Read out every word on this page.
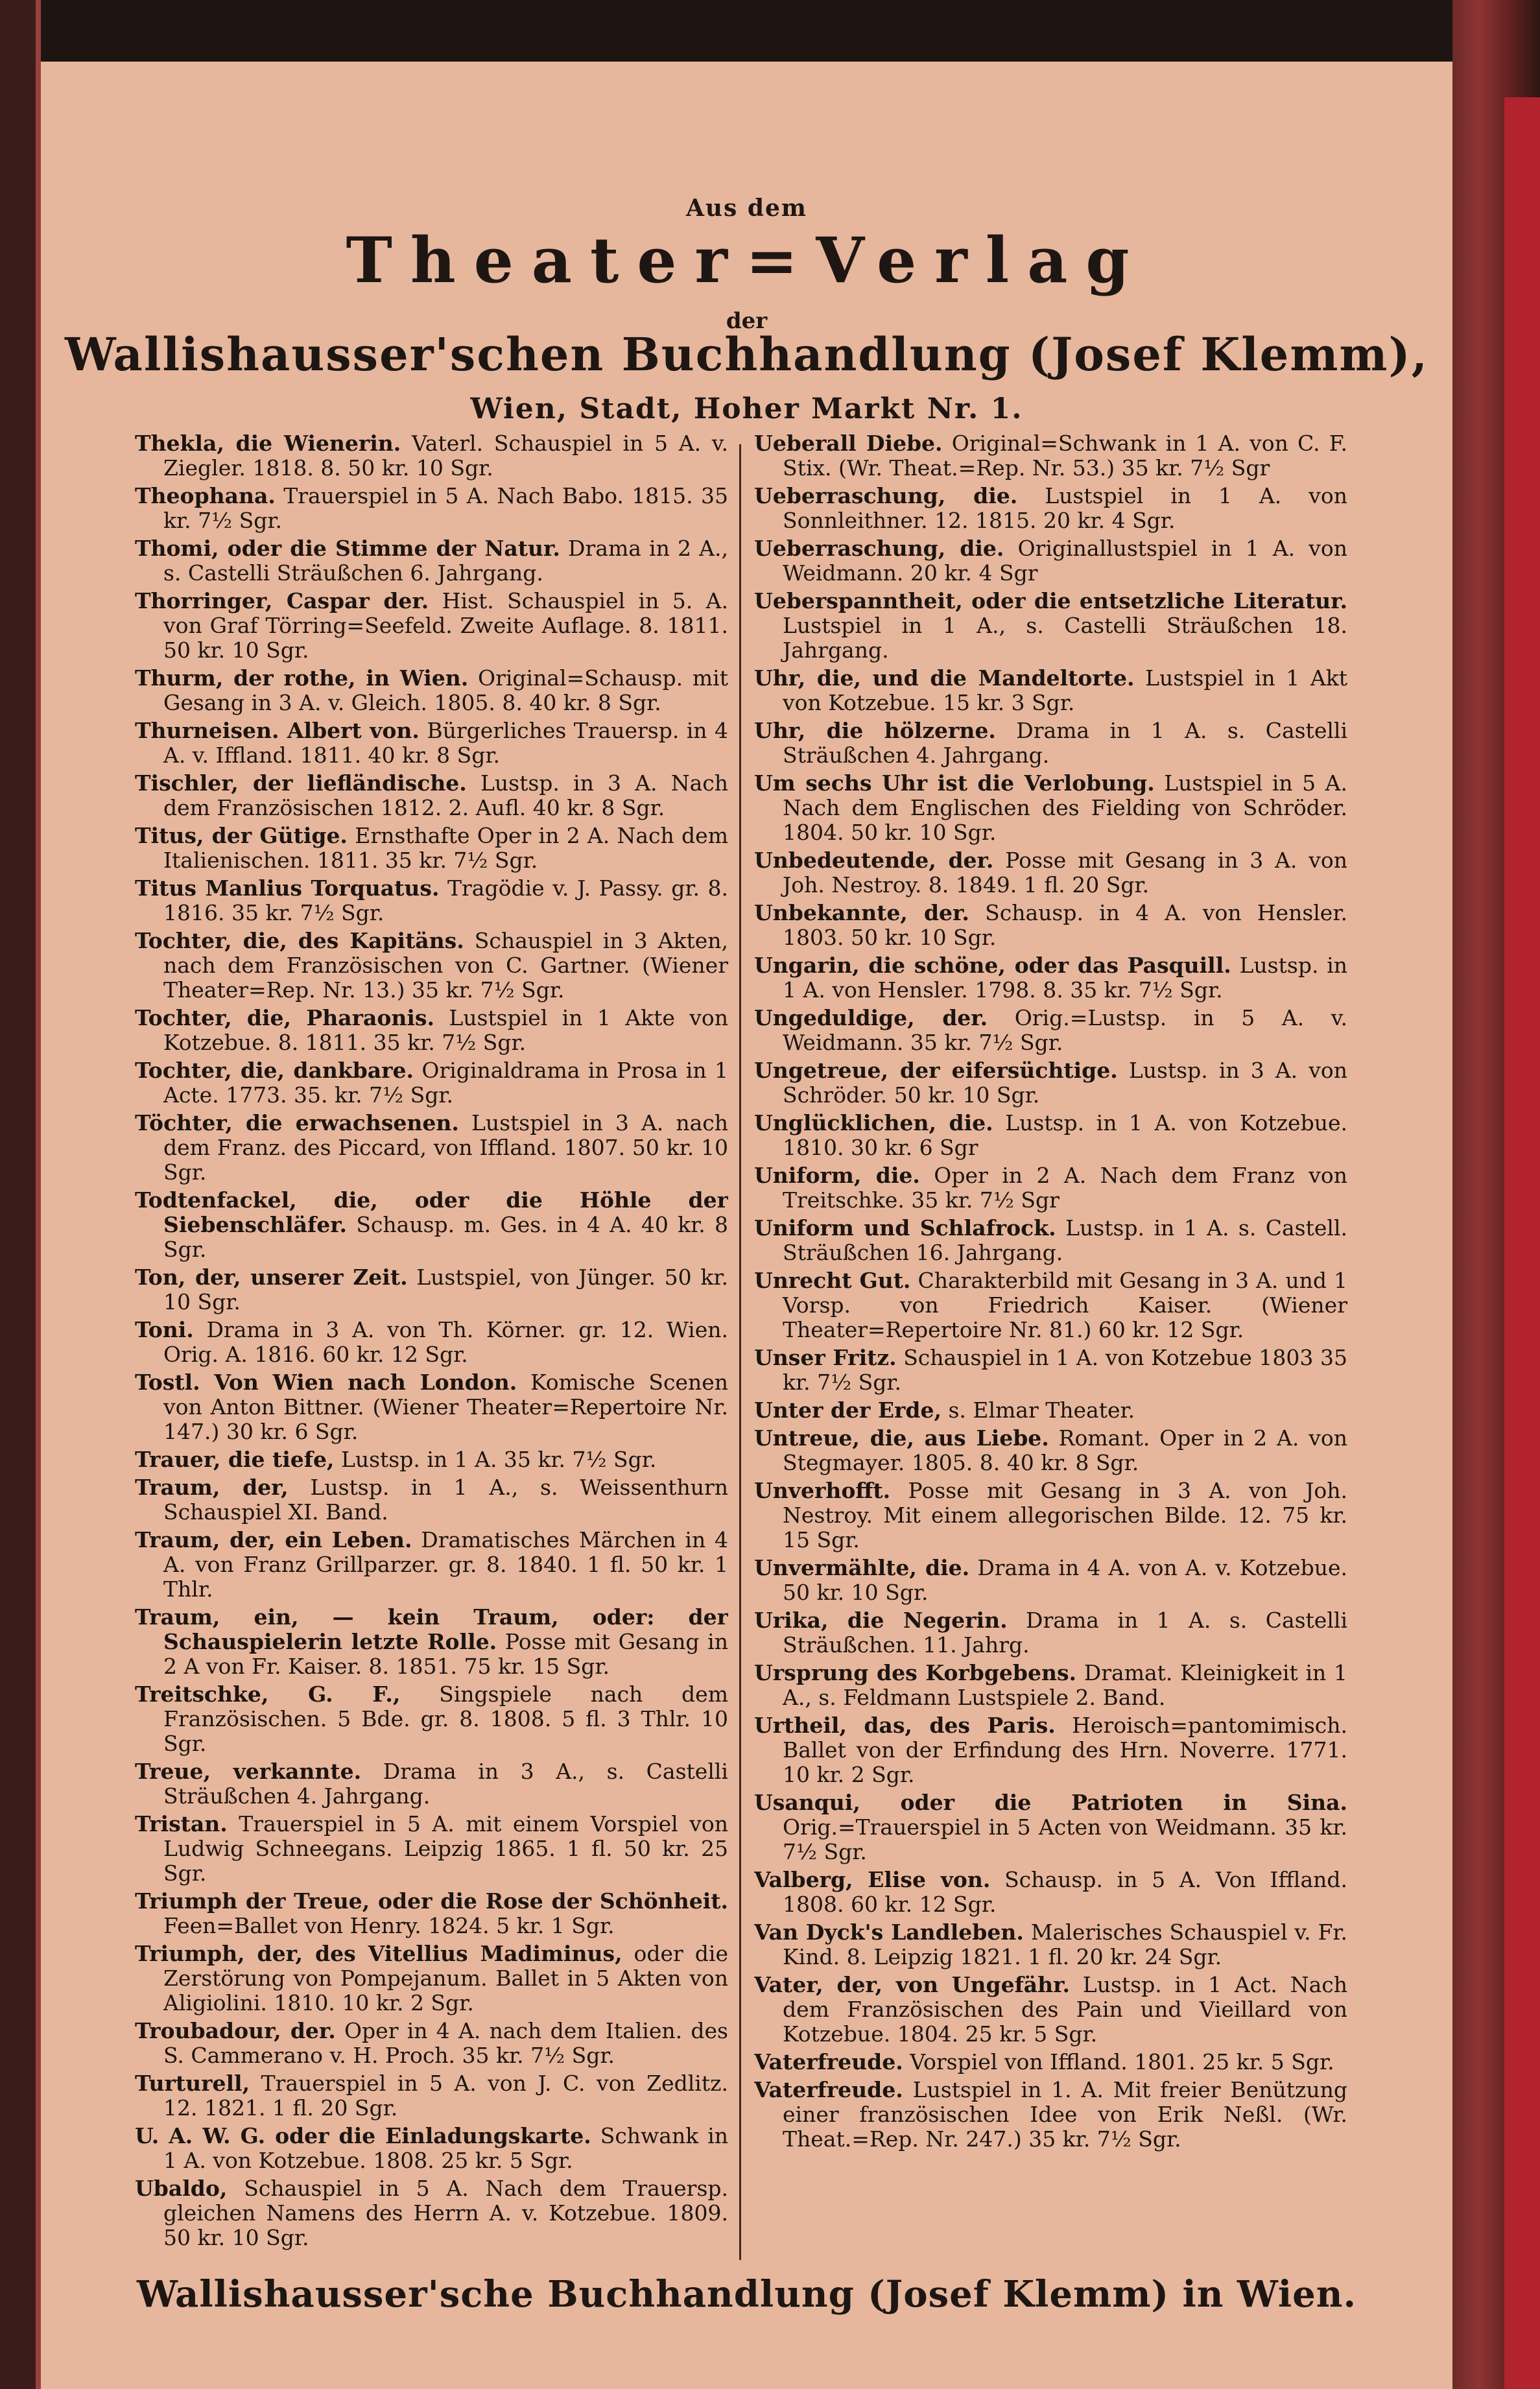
Aus dem
Theater=Verlag
der
Wallishausser'schen Buchhandlung (Josef Klemm),
Wien, Stadt, Hoher Markt Nr. 1.
Thekla, die Wienerin. Vaterl. Schauspiel in 5 A. v. Ziegler. 1818. 8. 50 kr. 10 Sgr.
Theophana. Trauerspiel in 5 A. Nach Babo. 1815. 35 kr. 7½ Sgr.
Thomi, oder die Stimme der Natur. Drama in 2 A., s. Castelli Sträußchen 6. Jahrgang.
Thorringer, Caspar der. Hist. Schauspiel in 5. A. von Graf Törring=Seefeld. Zweite Auflage. 8. 1811. 50 kr. 10 Sgr.
Thurm, der rothe, in Wien. Original=Schausp. mit Gesang in 3 A. v. Gleich. 1805. 8. 40 kr. 8 Sgr.
Thurneisen. Albert von. Bürgerliches Trauersp. in 4 A. v. Iffland. 1811. 40 kr. 8 Sgr.
Tischler, der liefländische. Lustsp. in 3 A. Nach dem Französischen 1812. 2. Aufl. 40 kr. 8 Sgr.
Titus, der Gütige. Ernsthafte Oper in 2 A. Nach dem Italienischen. 1811. 35 kr. 7½ Sgr.
Titus Manlius Torquatus. Tragödie v. J. Passy. gr. 8. 1816. 35 kr. 7½ Sgr.
Tochter, die, des Kapitäns. Schauspiel in 3 Akten, nach dem Französischen von C. Gartner. (Wiener Theater=Rep. Nr. 13.) 35 kr. 7½ Sgr.
Tochter, die, Pharaonis. Lustspiel in 1 Akte von Kotzebue. 8. 1811. 35 kr. 7½ Sgr.
Tochter, die, dankbare. Originaldrama in Prosa in 1 Acte. 1773. 35. kr. 7½ Sgr.
Töchter, die erwachsenen. Lustspiel in 3 A. nach dem Franz. des Piccard, von Iffland. 1807. 50 kr. 10 Sgr.
Todtenfackel, die, oder die Höhle der Siebenschläfer. Schausp. m. Ges. in 4 A. 40 kr. 8 Sgr.
Ton, der, unserer Zeit. Lustspiel, von Jünger. 50 kr. 10 Sgr.
Toni. Drama in 3 A. von Th. Körner. gr. 12. Wien. Orig. A. 1816. 60 kr. 12 Sgr.
Tostl. Von Wien nach London. Komische Scenen von Anton Bittner. (Wiener Theater=Repertoire Nr. 147.) 30 kr. 6 Sgr.
Trauer, die tiefe, Lustsp. in 1 A. 35 kr. 7½ Sgr.
Traum, der, Lustsp. in 1 A., s. Weissenthurn Schauspiel XI. Band.
Traum, der, ein Leben. Dramatisches Märchen in 4 A. von Franz Grillparzer. gr. 8. 1840. 1 fl. 50 kr. 1 Thlr.
Traum, ein, — kein Traum, oder: der Schauspielerin letzte Rolle. Posse mit Gesang in 2 A von Fr. Kaiser. 8. 1851. 75 kr. 15 Sgr.
Treitschke, G. F., Singspiele nach dem Französischen. 5 Bde. gr. 8. 1808. 5 fl. 3 Thlr. 10 Sgr.
Treue, verkannte. Drama in 3 A., s. Castelli Sträußchen 4. Jahrgang.
Tristan. Trauerspiel in 5 A. mit einem Vorspiel von Ludwig Schneegans. Leipzig 1865. 1 fl. 50 kr. 25 Sgr.
Triumph der Treue, oder die Rose der Schönheit. Feen=Ballet von Henry. 1824. 5 kr. 1 Sgr.
Triumph, der, des Vitellius Madiminus, oder die Zerstörung von Pompejanum. Ballet in 5 Akten von Aligiolini. 1810. 10 kr. 2 Sgr.
Troubadour, der. Oper in 4 A. nach dem Italien. des S. Cammerano v. H. Proch. 35 kr. 7½ Sgr.
Turturell, Trauerspiel in 5 A. von J. C. von Zedlitz. 12. 1821. 1 fl. 20 Sgr.
U. A. W. G. oder die Einladungskarte. Schwank in 1 A. von Kotzebue. 1808. 25 kr. 5 Sgr.
Ubaldo, Schauspiel in 5 A. Nach dem Trauersp. gleichen Namens des Herrn A. v. Kotzebue. 1809. 50 kr. 10 Sgr.
Ueberall Diebe. Original=Schwank in 1 A. von C. F. Stix. (Wr. Theat.=Rep. Nr. 53.) 35 kr. 7½ Sgr
Ueberraschung, die. Lustspiel in 1 A. von Sonnleithner. 12. 1815. 20 kr. 4 Sgr.
Ueberraschung, die. Originallustspiel in 1 A. von Weidmann. 20 kr. 4 Sgr
Ueberspanntheit, oder die entsetzliche Literatur. Lustspiel in 1 A., s. Castelli Sträußchen 18. Jahrgang.
Uhr, die, und die Mandeltorte. Lustspiel in 1 Akt von Kotzebue. 15 kr. 3 Sgr.
Uhr, die hölzerne. Drama in 1 A. s. Castelli Sträußchen 4. Jahrgang.
Um sechs Uhr ist die Verlobung. Lustspiel in 5 A. Nach dem Englischen des Fielding von Schröder. 1804. 50 kr. 10 Sgr.
Unbedeutende, der. Posse mit Gesang in 3 A. von Joh. Nestroy. 8. 1849. 1 fl. 20 Sgr.
Unbekannte, der. Schausp. in 4 A. von Hensler. 1803. 50 kr. 10 Sgr.
Ungarin, die schöne, oder das Pasquill. Lustsp. in 1 A. von Hensler. 1798. 8. 35 kr. 7½ Sgr.
Ungeduldige, der. Orig.=Lustsp. in 5 A. v. Weidmann. 35 kr. 7½ Sgr.
Ungetreue, der eifersüchtige. Lustsp. in 3 A. von Schröder. 50 kr. 10 Sgr.
Unglücklichen, die. Lustsp. in 1 A. von Kotzebue. 1810. 30 kr. 6 Sgr
Uniform, die. Oper in 2 A. Nach dem Franz von Treitschke. 35 kr. 7½ Sgr
Uniform und Schlafrock. Lustsp. in 1 A. s. Castell. Sträußchen 16. Jahrgang.
Unrecht Gut. Charakterbild mit Gesang in 3 A. und 1 Vorsp. von Friedrich Kaiser. (Wiener Theater=Repertoire Nr. 81.) 60 kr. 12 Sgr.
Unser Fritz. Schauspiel in 1 A. von Kotzebue 1803 35 kr. 7½ Sgr.
Unter der Erde, s. Elmar Theater.
Untreue, die, aus Liebe. Romant. Oper in 2 A. von Stegmayer. 1805. 8. 40 kr. 8 Sgr.
Unverhofft. Posse mit Gesang in 3 A. von Joh. Nestroy. Mit einem allegorischen Bilde. 12. 75 kr. 15 Sgr.
Unvermählte, die. Drama in 4 A. von A. v. Kotzebue. 50 kr. 10 Sgr.
Urika, die Negerin. Drama in 1 A. s. Castelli Sträußchen. 11. Jahrg.
Ursprung des Korbgebens. Dramat. Kleinigkeit in 1 A., s. Feldmann Lustspiele 2. Band.
Urtheil, das, des Paris. Heroisch=pantomimisch. Ballet von der Erfindung des Hrn. Noverre. 1771. 10 kr. 2 Sgr.
Usanqui, oder die Patrioten in Sina. Orig.=Trauerspiel in 5 Acten von Weidmann. 35 kr. 7½ Sgr.
Valberg, Elise von. Schausp. in 5 A. Von Iffland. 1808. 60 kr. 12 Sgr.
Van Dyck's Landleben. Malerisches Schauspiel v. Fr. Kind. 8. Leipzig 1821. 1 fl. 20 kr. 24 Sgr.
Vater, der, von Ungefähr. Lustsp. in 1 Act. Nach dem Französischen des Pain und Vieillard von Kotzebue. 1804. 25 kr. 5 Sgr.
Vaterfreude. Vorspiel von Iffland. 1801. 25 kr. 5 Sgr.
Vaterfreude. Lustspiel in 1. A. Mit freier Benützung einer französischen Idee von Erik Neßl. (Wr. Theat.=Rep. Nr. 247.) 35 kr. 7½ Sgr.
Wallishausser'sche Buchhandlung (Josef Klemm) in Wien.
